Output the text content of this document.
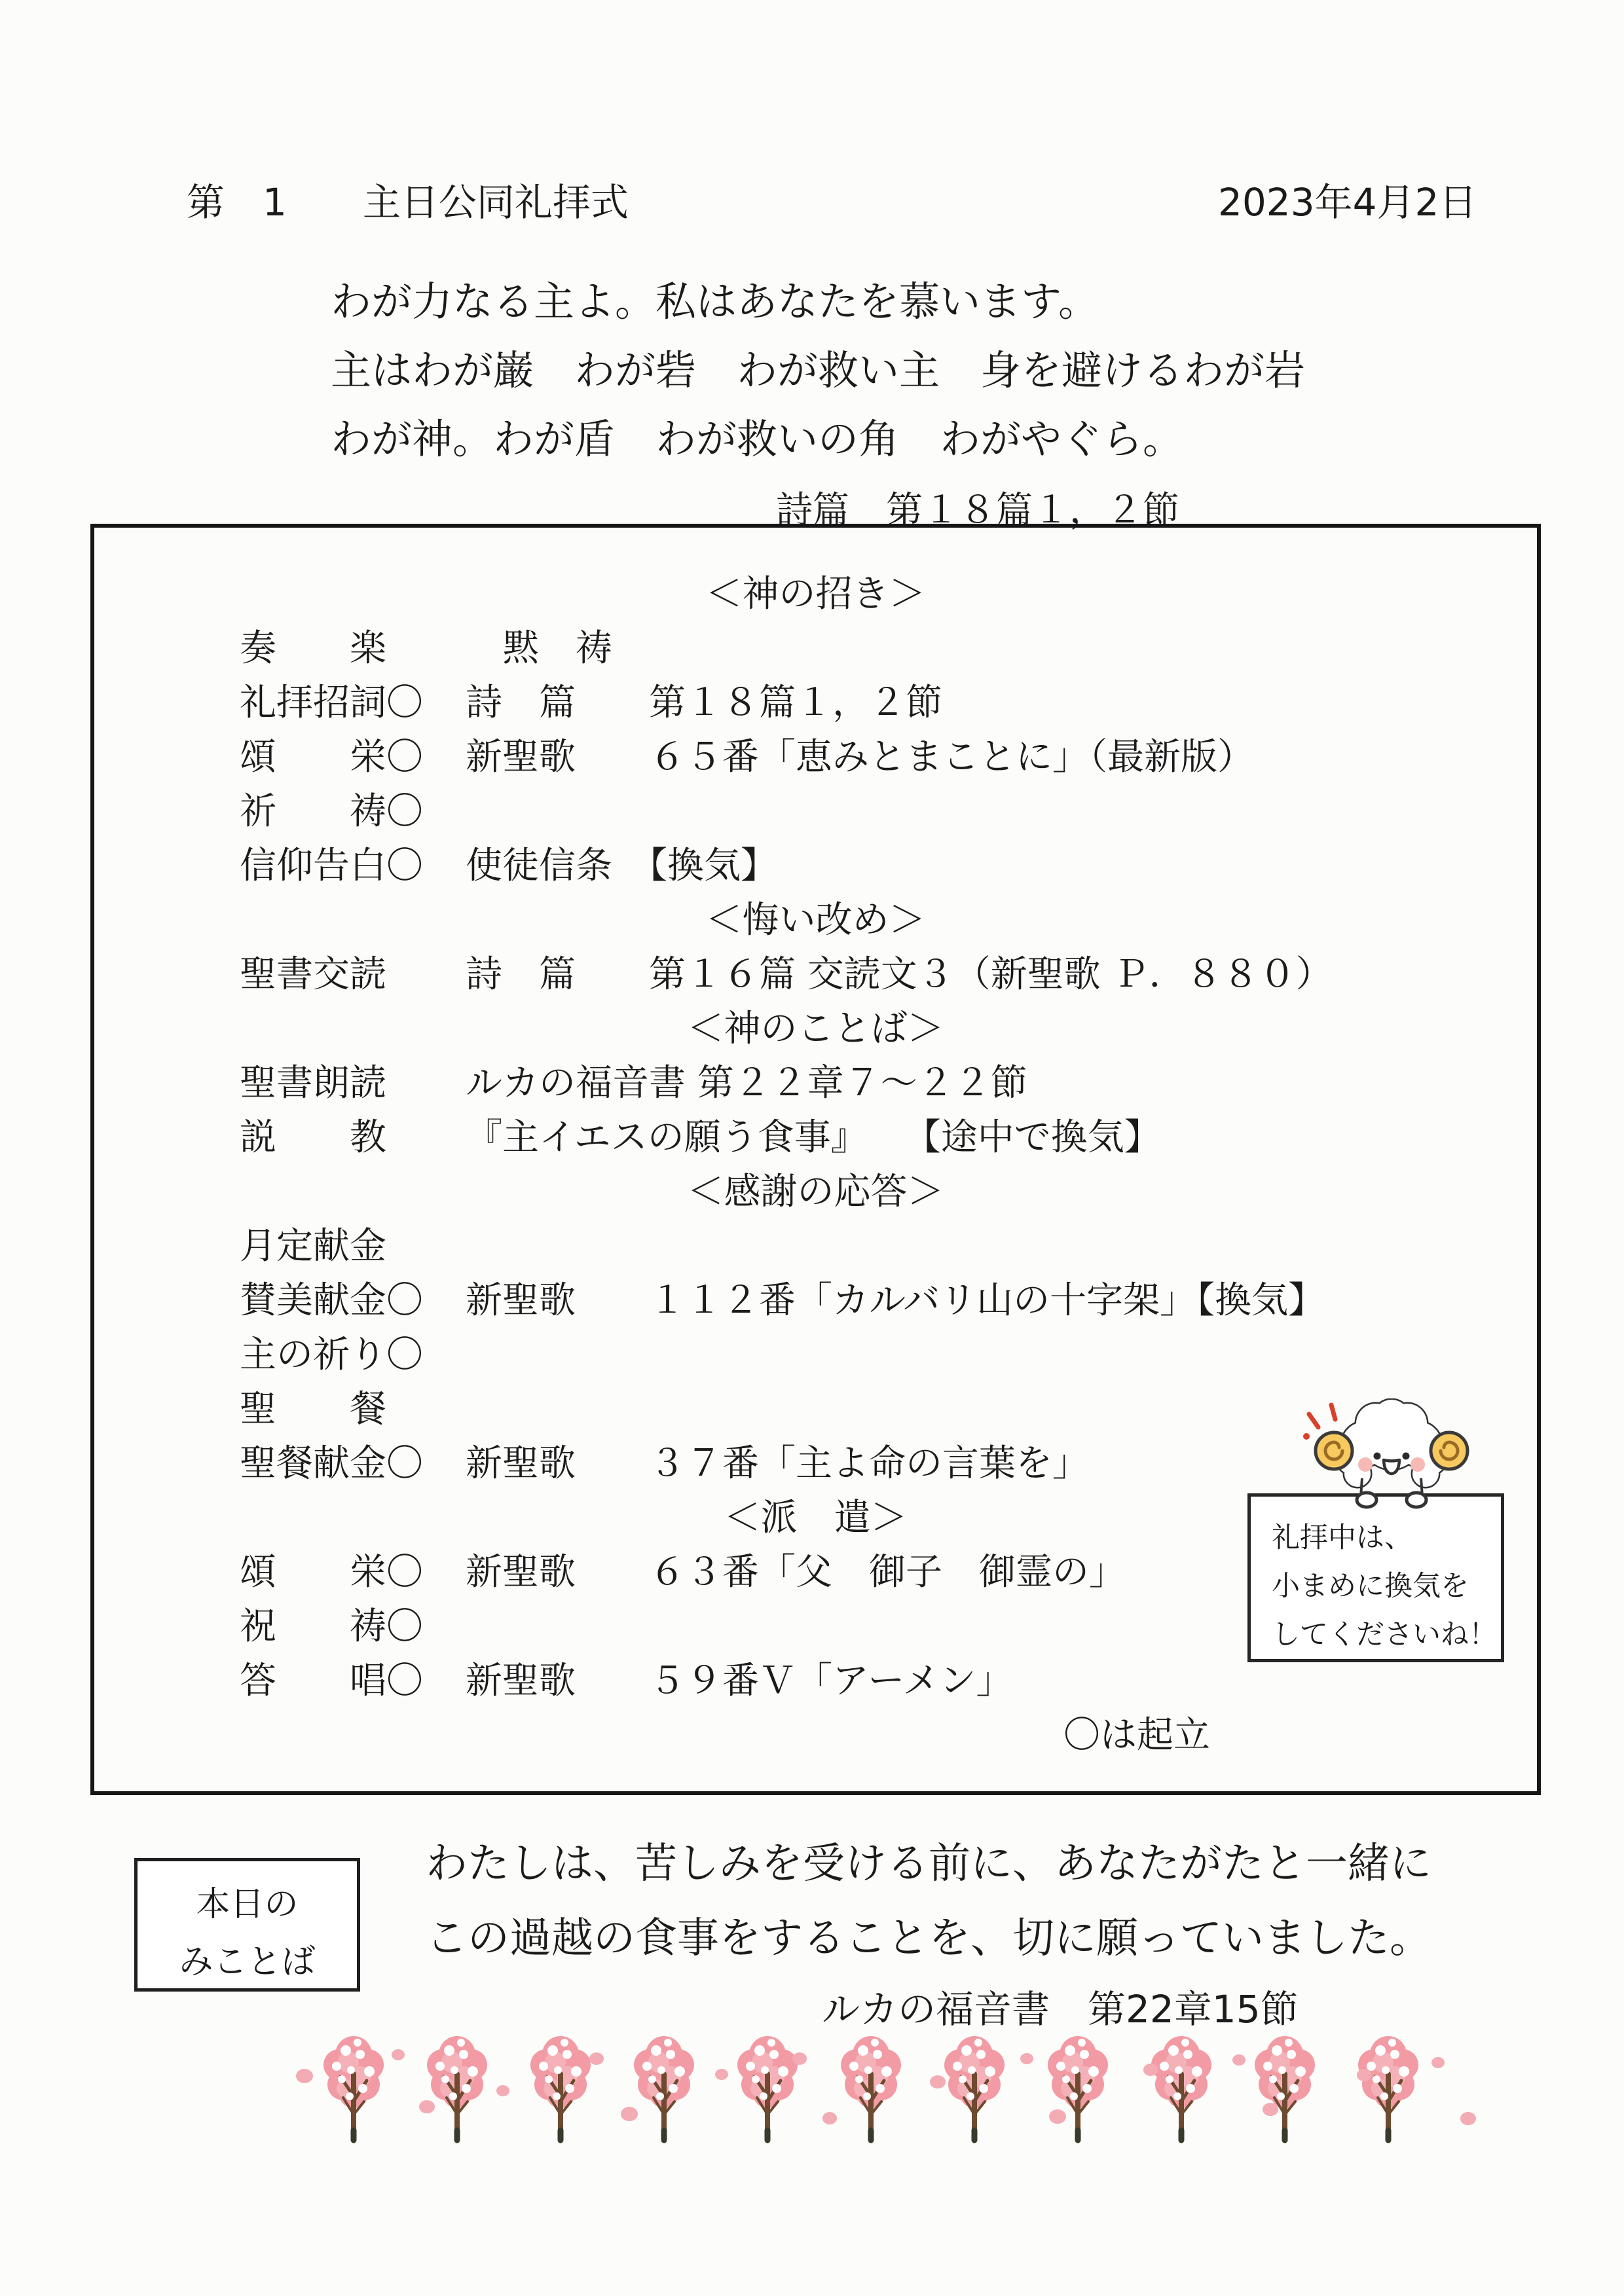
第　1　　主日公同礼拝式	2023年4月2日
わが力なる主よ。私はあなたを慕います。
主はわが巌　わが砦　わが救い主　身を避けるわが岩
わが神。わが盾　わが救いの角　わがやぐら。
詩篇　第１８篇１，２節
＜神の招き＞
奏　　楽	　黙　祷
礼拝招詞〇	詩　篇　　第１８篇１，２節
頌　　栄〇	新聖歌　　６５番「恵みとまことに」（最新版）
祈　　祷〇
信仰告白〇	使徒信条　【換気】
＜悔い改め＞
聖書交読	詩　篇　　第１６篇 交読文３（新聖歌 Ｐ．８８０）
＜神のことば＞
聖書朗読	ルカの福音書 第２２章７～２２節
説　　教	『主イエスの願う食事』　　【途中で換気】
＜感謝の応答＞
月定献金
賛美献金〇	新聖歌　　１１２番「カルバリ山の十字架」【換気】
主の祈り〇
聖　　餐
聖餐献金〇	新聖歌　　３７番「主よ命の言葉を」
＜派　遣＞
頌　　栄〇	新聖歌　　６３番「父　御子　御霊の」
祝　　祷〇
答　　唱〇	新聖歌　　５９番Ｖ「アーメン」
〇は起立
礼拝中は、
小まめに換気を
してくださいね！
本日の
みことば
わたしは、苦しみを受ける前に、あなたがたと一緒に
この過越の食事をすることを、切に願っていました。
ルカの福音書　第22章15節
